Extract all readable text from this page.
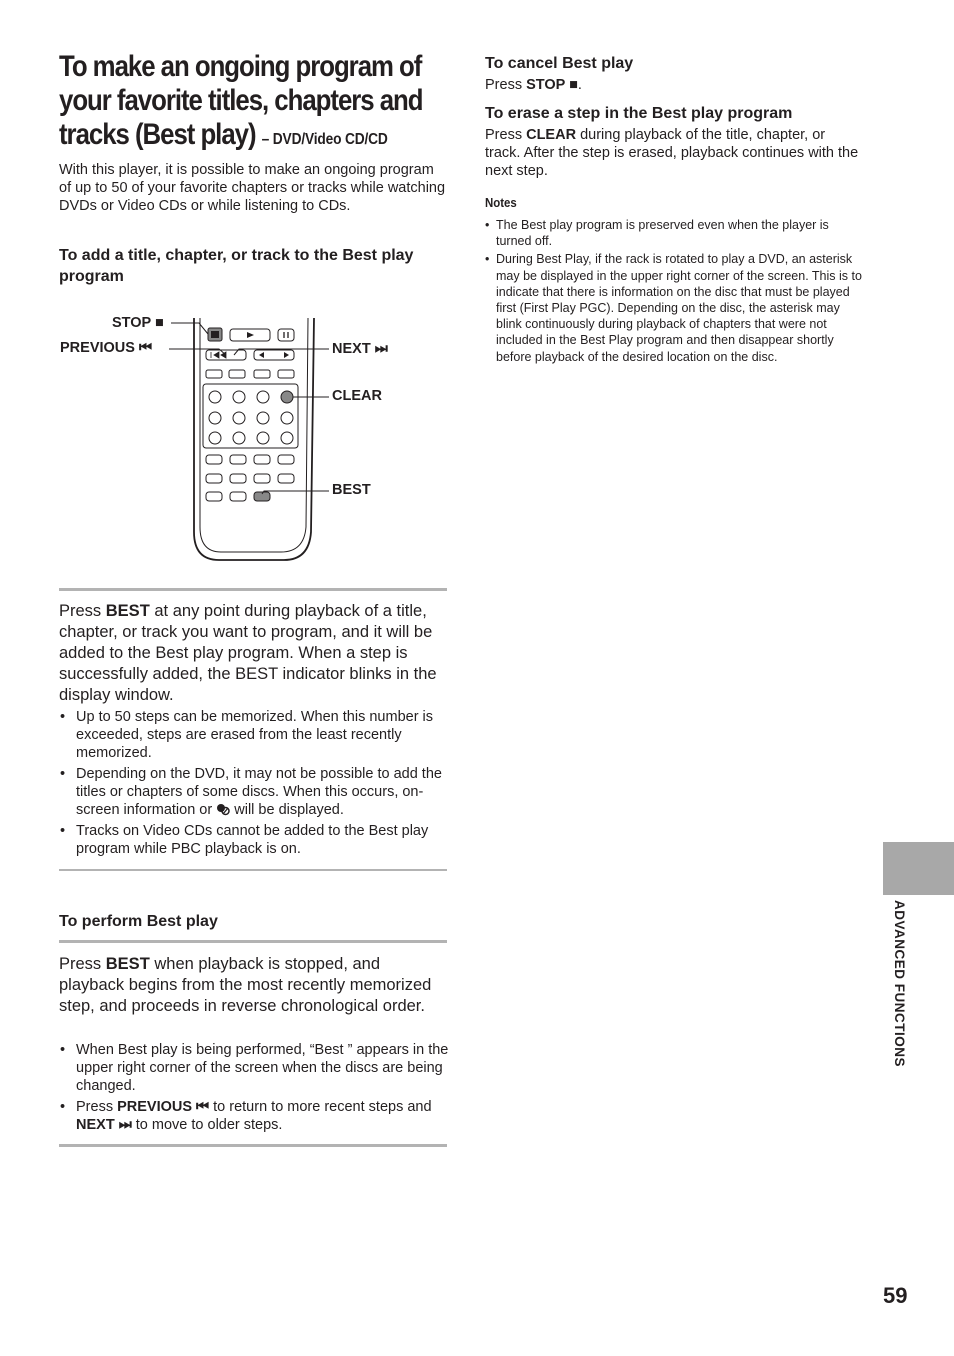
To make an ongoing program of
your favorite titles, chapters and
tracks (Best play) – DVD/Video CD/CD
With this player, it is possible to make an ongoing program of up to 50 of your favorite chapters or tracks while watching DVDs or Video CDs or while listening to CDs.
To add a title, chapter, or track to the Best play program
STOP ■
PREVIOUS ⏮	NEXT ⏭
CLEAR
BEST
Press BEST at any point during playback of a title, chapter, or track you want to program, and it will be added to the Best play program. When a step is successfully added, the BEST indicator blinks in the display window.
• Up to 50 steps can be memorized. When this number is exceeded, steps are erased from the least recently memorized.
• Depending on the DVD, it may not be possible to add the titles or chapters of some discs. When this occurs, on-screen information or  will be displayed.
• Tracks on Video CDs cannot be added to the Best play program while PBC playback is on.
To perform Best play
Press BEST when playback is stopped, and playback begins from the most recently memorized step, and proceeds in reverse chronological order.
• When Best play is being performed, “Best ” appears in the upper right corner of the screen when the discs are being changed.
• Press PREVIOUS ⏮ to return to more recent steps and NEXT ⏭ to move to older steps.
To cancel Best play
Press STOP ■.
To erase a step in the Best play program
Press CLEAR during playback of the title, chapter, or track. After the step is erased, playback continues with the next step.
Notes
• The Best play program is preserved even when the player is turned off.
• During Best Play, if the rack is rotated to play a DVD, an asterisk may be displayed in the upper right corner of the screen. This is to indicate that there is information on the disc that must be played first (First Play PGC). Depending on the disc, the asterisk may blink continuously during playback of chapters that were not included in the Best Play program and then disappear shortly before playback of the desired location on the disc.
ADVANCED FUNCTIONS
59
